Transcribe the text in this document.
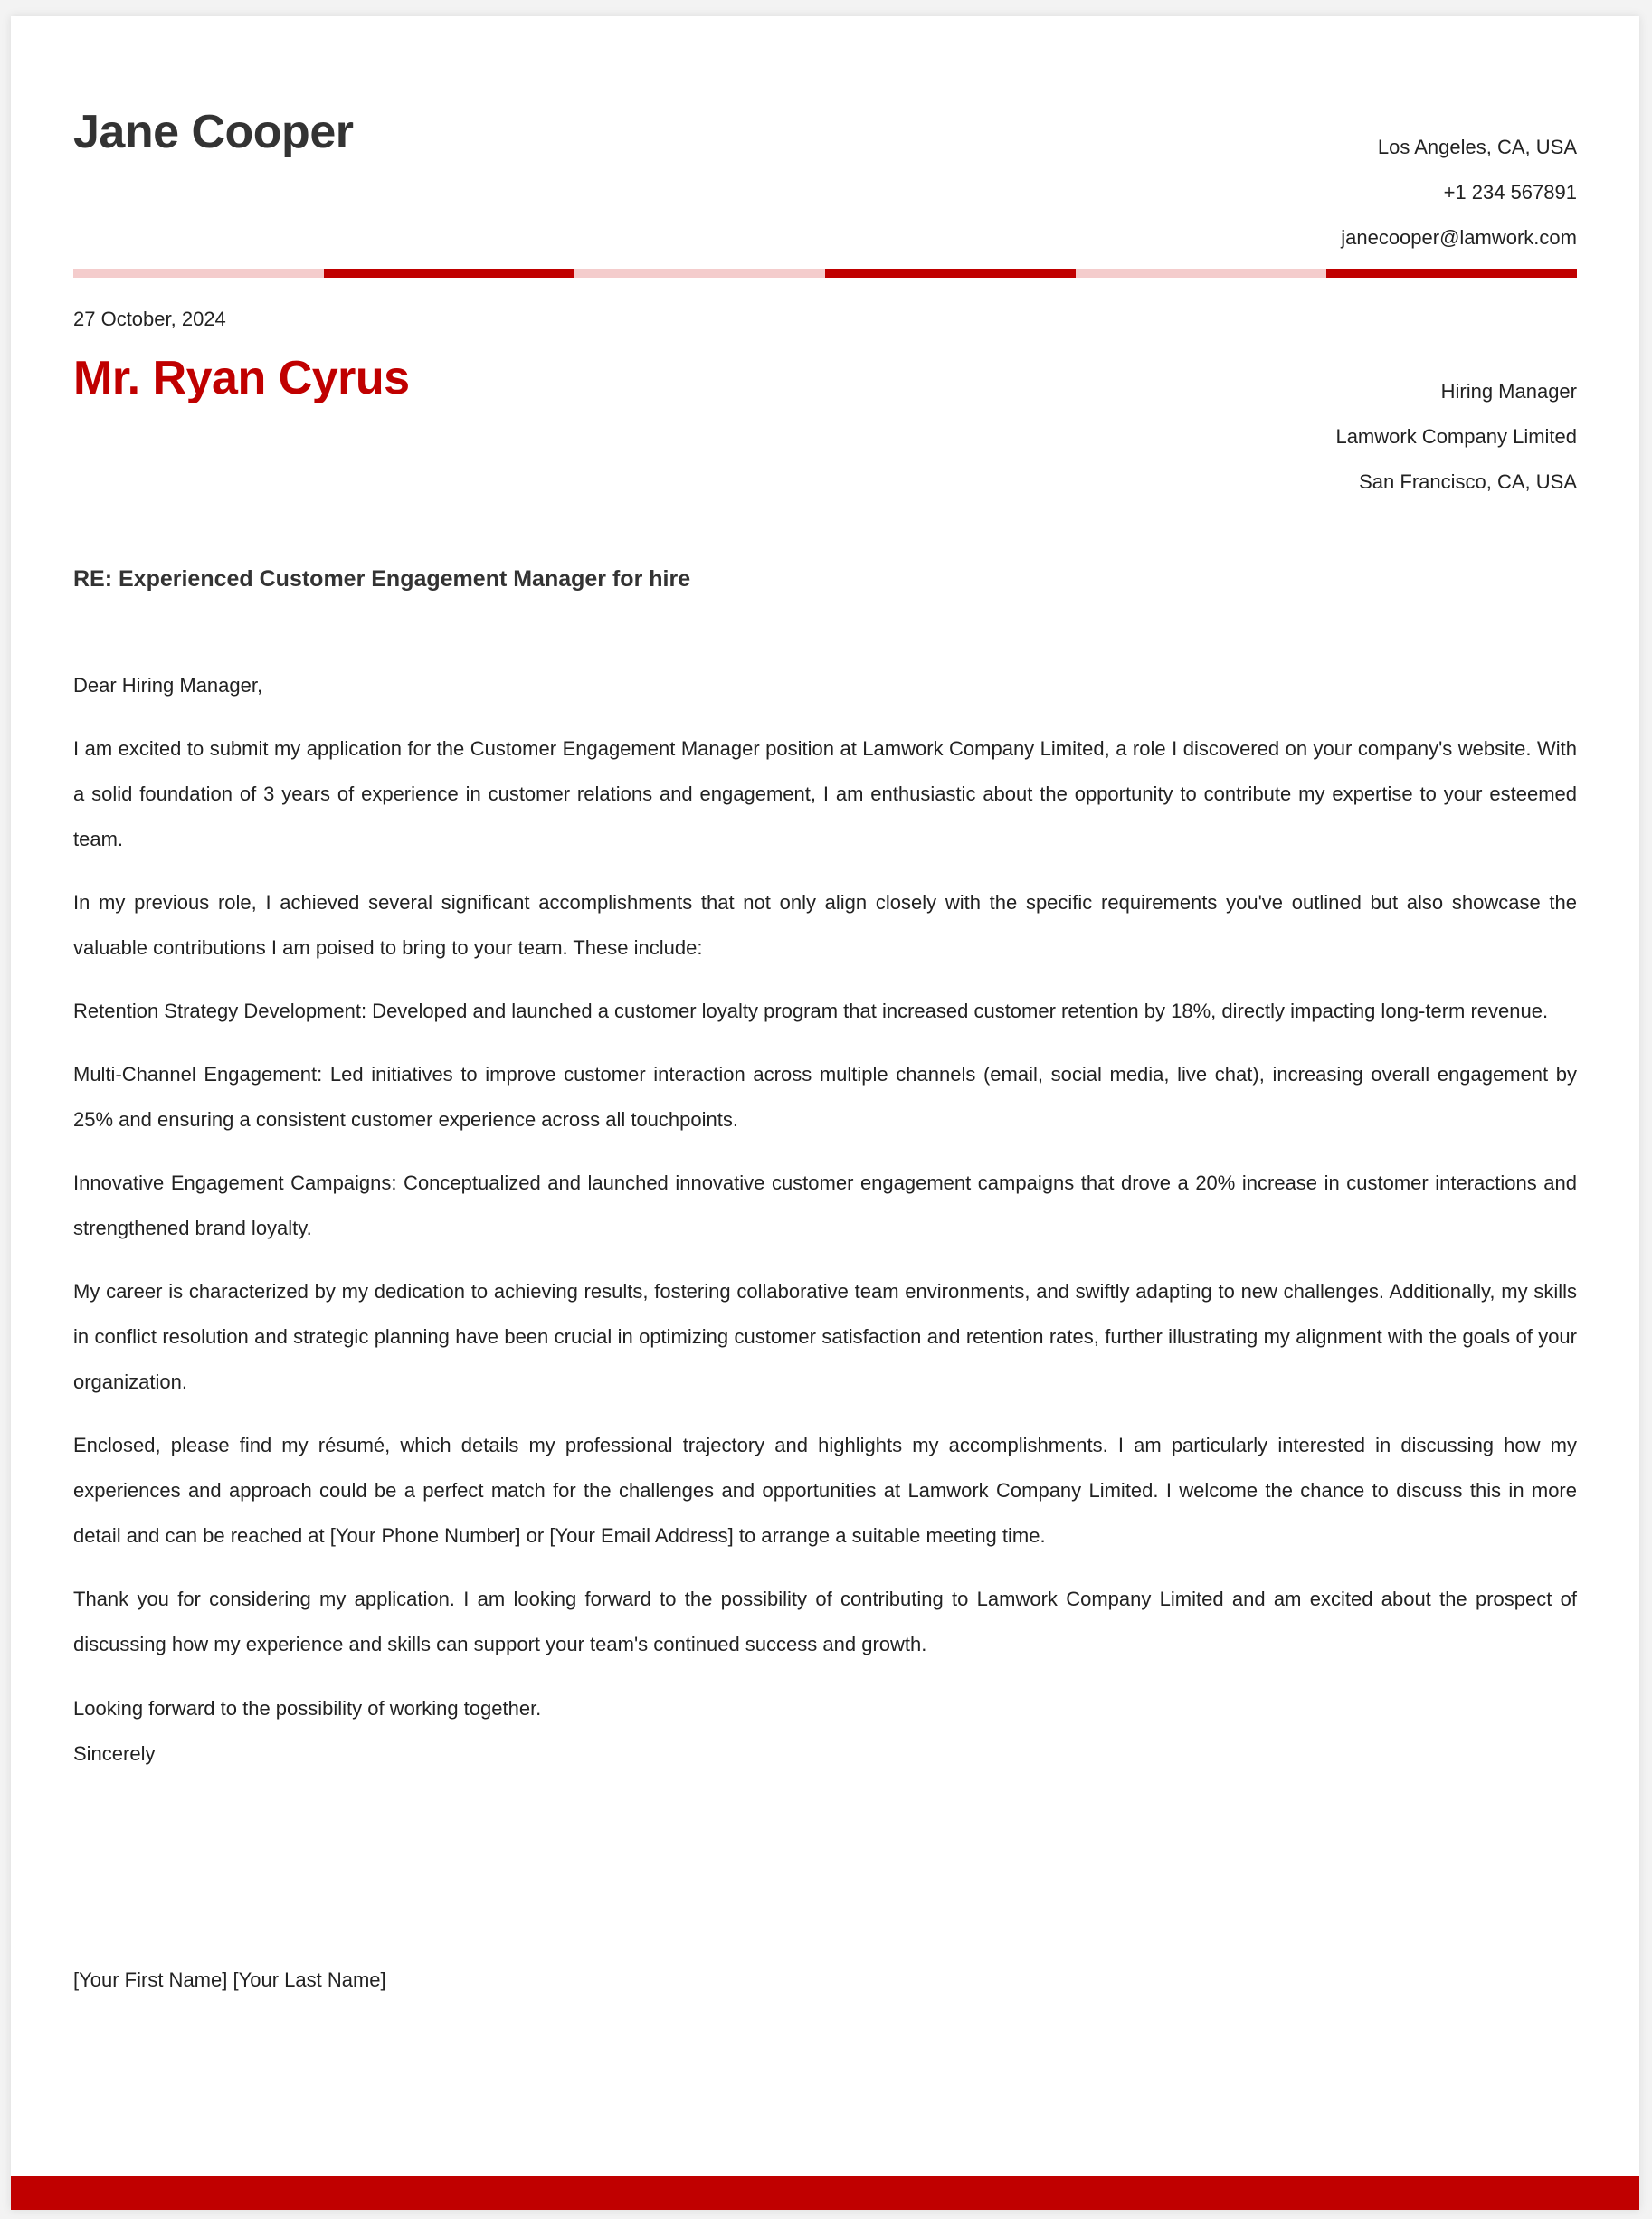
Jane Cooper	Los Angeles, CA, USA
+1 234 567891
janecooper@lamwork.com
27 October, 2024
Mr. Ryan Cyrus	Hiring Manager
Lamwork Company Limited
San Francisco, CA, USA
RE: Experienced Customer Engagement Manager for hire

Dear Hiring Manager,

I am excited to submit my application for the Customer Engagement Manager position at Lamwork Company Limited, a role I discovered on your company's website. With a solid foundation of 3 years of experience in customer relations and engagement, I am enthusiastic about the opportunity to contribute my expertise to your esteemed team.

In my previous role, I achieved several significant accomplishments that not only align closely with the specific requirements you've outlined but also showcase the valuable contributions I am poised to bring to your team. These include:

Retention Strategy Development: Developed and launched a customer loyalty program that increased customer retention by 18%, directly impacting long-term revenue.

Multi-Channel Engagement: Led initiatives to improve customer interaction across multiple channels (email, social media, live chat), increasing overall engagement by 25% and ensuring a consistent customer experience across all touchpoints.

Innovative Engagement Campaigns: Conceptualized and launched innovative customer engagement campaigns that drove a 20% increase in customer interactions and strengthened brand loyalty.

My career is characterized by my dedication to achieving results, fostering collaborative team environments, and swiftly adapting to new challenges. Additionally, my skills in conflict resolution and strategic planning have been crucial in optimizing customer satisfaction and retention rates, further illustrating my alignment with the goals of your organization.

Enclosed, please find my résumé, which details my professional trajectory and highlights my accomplishments. I am particularly interested in discussing how my experiences and approach could be a perfect match for the challenges and opportunities at Lamwork Company Limited. I welcome the chance to discuss this in more detail and can be reached at [Your Phone Number] or [Your Email Address] to arrange a suitable meeting time.

Thank you for considering my application. I am looking forward to the possibility of contributing to Lamwork Company Limited and am excited about the prospect of discussing how my experience and skills can support your team's continued success and growth.

Looking forward to the possibility of working together.
Sincerely
[Your First Name] [Your Last Name]
